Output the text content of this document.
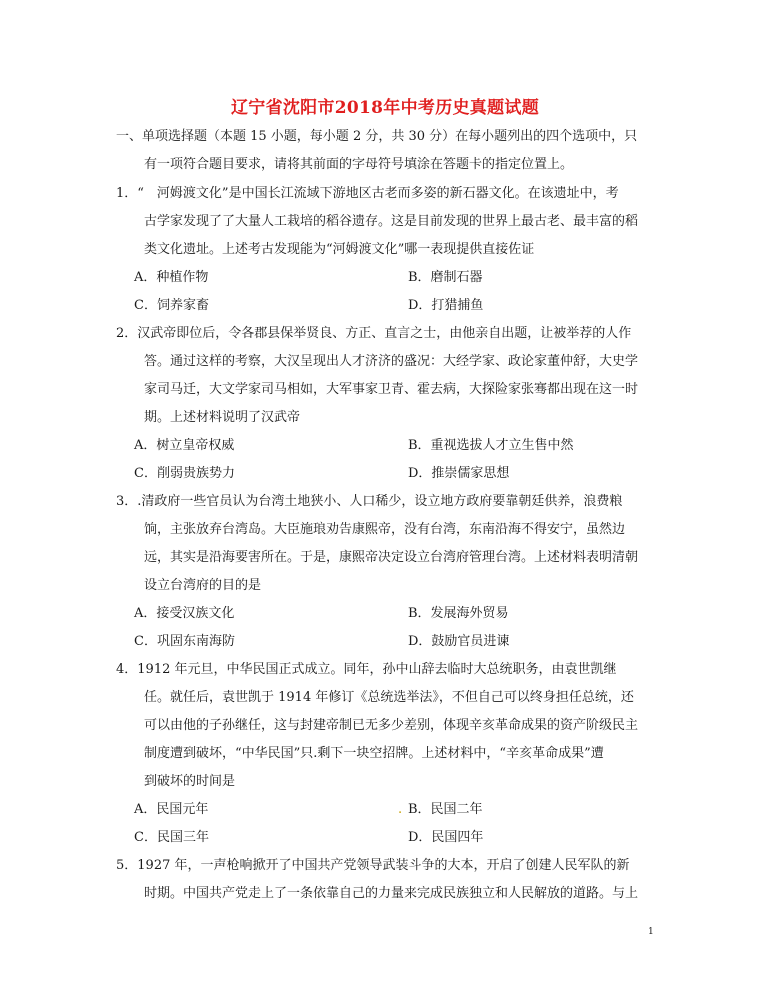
辽宁省沈阳市2018年中考历史真题试题
一、单项选择题（本题 15 小题，每小题 2 分，共 30 分）在每小题列出的四个选项中，只
有一项符合题目要求，请将其前面的字母符号填涂在答题卡的指定位置上。
1．“　河姆渡文化”是中国长江流域下游地区古老而多姿的新石器文化。在该遗址中，考
古学家发现了了大量人工栽培的稻谷遗存。这是目前发现的世界上最古老、最丰富的稻
类文化遗址。上述考古发现能为“河姆渡文化”哪一表现提供直接佐证
A．种植作物	B．磨制石器
C．饲养家畜	D．打猎捕鱼
2．汉武帝即位后，令各郡县保举贤良、方正、直言之士，由他亲自出题，让被举荐的人作
答。通过这样的考察，大汉呈现出人才济济的盛况：大经学家、政论家董仲舒，大史学
家司马迁，大文学家司马相如，大军事家卫青、霍去病，大探险家张骞都出现在这一时
期。上述材料说明了汉武帝
A．树立皇帝权威	B．重视选拔人才立生售中然
C．削弱贵族势力	D．推崇儒家思想
3．.清政府一些官员认为台湾土地狭小、人口稀少，设立地方政府要靠朝廷供养，浪费粮
饷，主张放弃台湾岛。大臣施琅劝告康熙帝，没有台湾，东南沿海不得安宁，虽然边
远，其实是沿海要害所在。于是，康熙帝决定设立台湾府管理台湾。上述材料表明清朝
设立台湾府的目的是
A．接受汉族文化	B．发展海外贸易
C．巩固东南海防	D．鼓励官员进谏
4．1912 年元旦，中华民国正式成立。同年，孙中山辞去临时大总统职务，由袁世凯继
任。就任后，袁世凯于 1914 年修订《总统选举法》，不但自己可以终身担任总统，还
可以由他的子孙继任，这与封建帝制已无多少差别，体现辛亥革命成果的资产阶级民主
制度遭到破坏，“中华民国”只.剩下一块空招牌。上述材料中，“辛亥革命成果”遭
到破坏的时间是
A．民国元年	. B．民国二年
C．民国三年	D．民国四年
5．1927 年，一声枪响掀开了中国共产党领导武装斗争的大本，开启了创建人民军队的新
时期。中国共产党走上了一条依靠自己的力量来完成民族独立和人民解放的道路。与上
1
